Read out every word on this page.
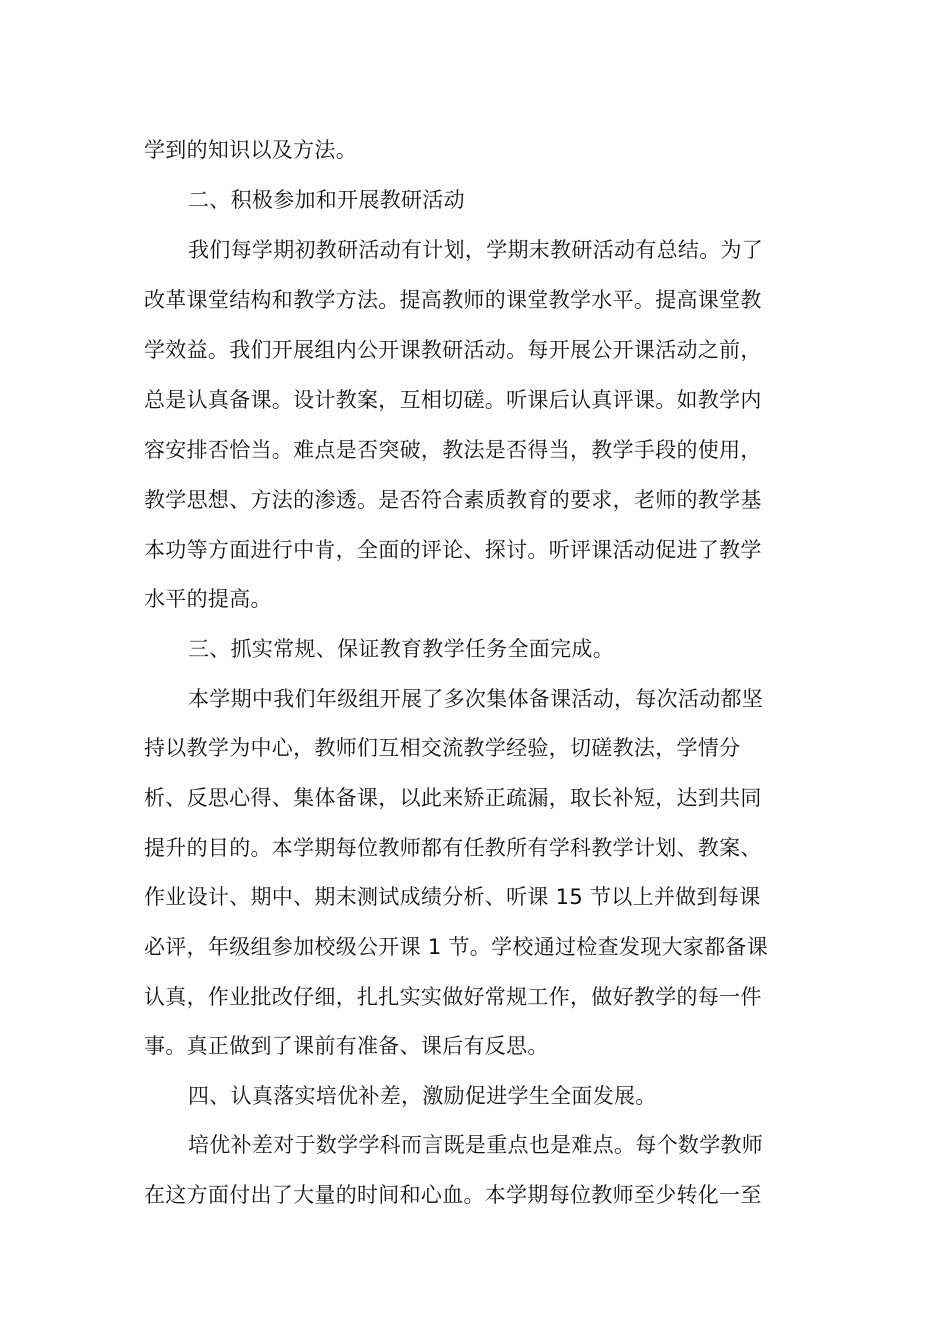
学到的知识以及方法。
二、积极参加和开展教研活动
我们每学期初教研活动有计划，学期末教研活动有总结。为了
改革课堂结构和教学方法。提高教师的课堂教学水平。提高课堂教
学效益。我们开展组内公开课教研活动。每开展公开课活动之前，
总是认真备课。设计教案，互相切磋。听课后认真评课。如教学内
容安排否恰当。难点是否突破，教法是否得当，教学手段的使用，
教学思想、方法的渗透。是否符合素质教育的要求，老师的教学基
本功等方面进行中肯，全面的评论、探讨。听评课活动促进了教学
水平的提高。
三、抓实常规、保证教育教学任务全面完成。
本学期中我们年级组开展了多次集体备课活动，每次活动都坚
持以教学为中心，教师们互相交流教学经验，切磋教法，学情分
析、反思心得、集体备课，以此来矫正疏漏，取长补短，达到共同
提升的目的。本学期每位教师都有任教所有学科教学计划、教案、
作业设计、期中、期末测试成绩分析、听课 15 节以上并做到每课
必评，年级组参加校级公开课 1 节。学校通过检查发现大家都备课
认真，作业批改仔细，扎扎实实做好常规工作，做好教学的每一件
事。真正做到了课前有准备、课后有反思。
四、认真落实培优补差，激励促进学生全面发展。
培优补差对于数学学科而言既是重点也是难点。每个数学教师
在这方面付出了大量的时间和心血。本学期每位教师至少转化一至
